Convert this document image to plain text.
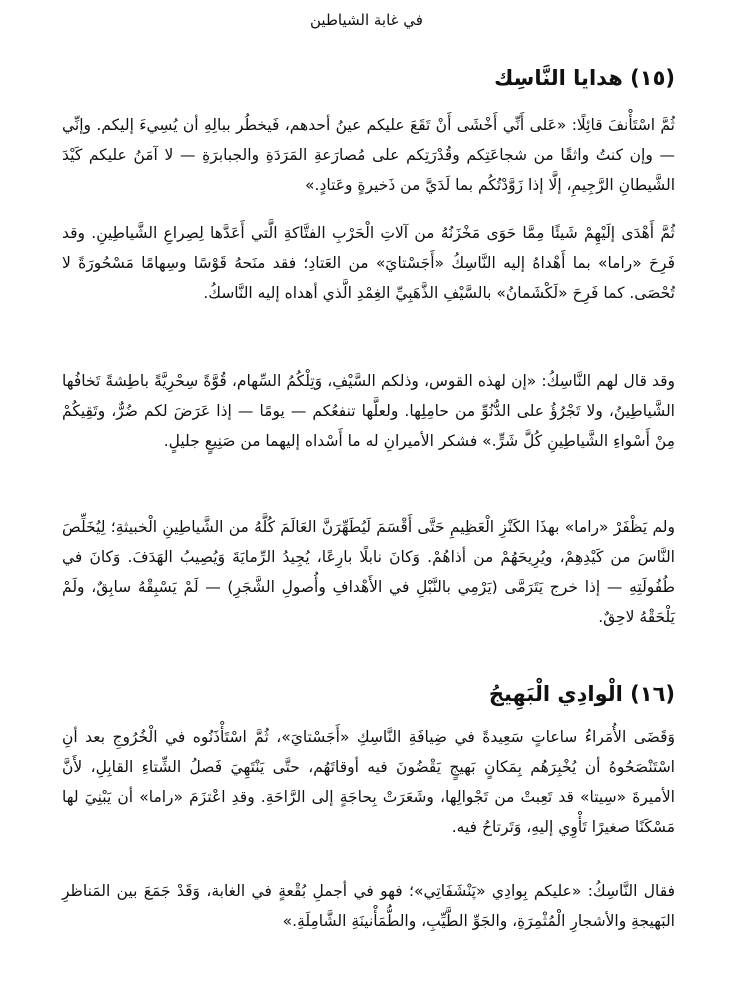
في غابة الشياطين
(١٥) هدايا النَّاسِك

ثُمَّ اسْتَأْنفَ قائِلًا: «عَلى أَنِّي أَخْشَى أَنْ تَقَعَ عليكم عينُ أحدهم، فَيخطُر ببالِهِ أن يُسِيءَ إليكم. وإنِّي — وإن كنتُ واثقًا من شجاعَتِكم وقُدْرَتِكم على مُصارَعةِ المَرَدَةِ والجبابرَةِ — لا آمَنُ عليكم كَيْدَ الشَّيطانِ الرَّجِيمِ، إلَّا إذا زَوَّدْتُكُم بما لَدَيَّ من ذَخيرةٍ وعَتادٍ.»

ثُمَّ أَهْدَى إلَيْهِمْ شَيئًا مِمَّا حَوَى مَخْزَنُهُ من آلاتِ الْحَرْبِ الفتَّاكةِ الَّتي أَعَدَّها لِصِراعِ الشَّياطِينِ. وقد فَرِحَ «راما» بما أَهْداهُ إليه النَّاسِكُ «أَجَسْتايَ» من العَتادِ؛ فقد منَحهُ قَوْسًا وسِهامًا مَسْحُورَةً لا تُحْصَى. كما فَرِحَ «لَكْشَمانُ» بالسَّيْفِ الذَّهَبِيِّ الغِمْدِ الَّذي أهداه إليه النَّاسكُ.

وقد قال لهم النَّاسِكُ: «إن لهذه القوس، وذلكم السَّيْفِ، وَتِلْكُمُ السِّهام، قُوَّةً سِحْرِيَّةً باطِشةً تَخافُها الشَّياطِينُ، ولا تَجْرُؤُ على الدُّنُوِّ من حامِلِها. ولعلَّها تنفعُكم — يومًا — إذا عَرَضَ لكم ضُرٌّ، وتَقِيكُمْ مِنْ أَسْواءِ الشَّياطِينِ كُلَّ شَرٍّ.» فشكر الأميرانِ له ما أَسْداه إليهما من صَنِيعٍ جليلٍ.

ولم يَظْفَرْ «راما» بهذَا الكَنْزِ الْعَظِيمِ حَتَّى أَقْسَمَ لَيُطَهِّرَنَّ العَالَمَ كُلَّهُ من الشَّياطِينِ الْخبيثةِ؛ لِيُخَلِّصَ النَّاسَ من كَيْدِهِمْ، ويُرِيحَهُمْ من أذاهُمْ. وَكانَ نابلًا بارِعًا، يُجِيدُ الرِّمايَةَ وَيُصِيبُ الهَدَفَ. وَكانَ في طُفُولَتِهِ — إذا خرج يَتَرَمَّى (يَرْمِي بالنَّبْلِ في الأَهْدافِ وأُصولِ الشَّجَرِ) — لَمْ يَسْبِقْهُ سابِقٌ، ولَمْ يَلْحَقْهُ لاحِقٌ.

(١٦) الْوادِي الْبَهِيجُ

وَقَضَى الأُمَراءُ ساعاتٍ سَعِيدةً في ضِيافَةِ النَّاسِكِ «أَجَسْتايَ»، ثُمَّ اسْتَأْذَنُوه في الْخُرُوجِ بعد أنِ اسْتَنْصَحُوهُ أن يُخْبِرَهُم بِمَكانٍ بَهيجٍ يَقْضُونَ فيه أوقاتَهُم، حتَّى يَنْتَهِيَ فَصلُ الشِّتاءِ القابِلِ، لأَنَّ الأميرةَ «سِيتا» قد تَعِبتْ من تَجْوالِها، وشَعَرَتْ بِحاجَةٍ إلى الرَّاحَةِ. وقدِ اعْتزَمَ «راما» أن يَبْنِيَ لها مَسْكَنًا صغيرًا تَأْوِي إليهِ، وَتَرتاحُ فيه.

فقال النَّاسِكُ: «عليكم بِوادِي «پَنْشَفَاتِي»؛ فهو في أجملِ بُقْعةٍ في الغابة، وَقَدْ جَمَعَ بين المَناظرِ البَهيجةِ والأشجارِ الْمُثْمِرَةِ، والجَوِّ الطَّيِّبِ، والطُّمَأْنينَةِ الشَّامِلَةِ.»
